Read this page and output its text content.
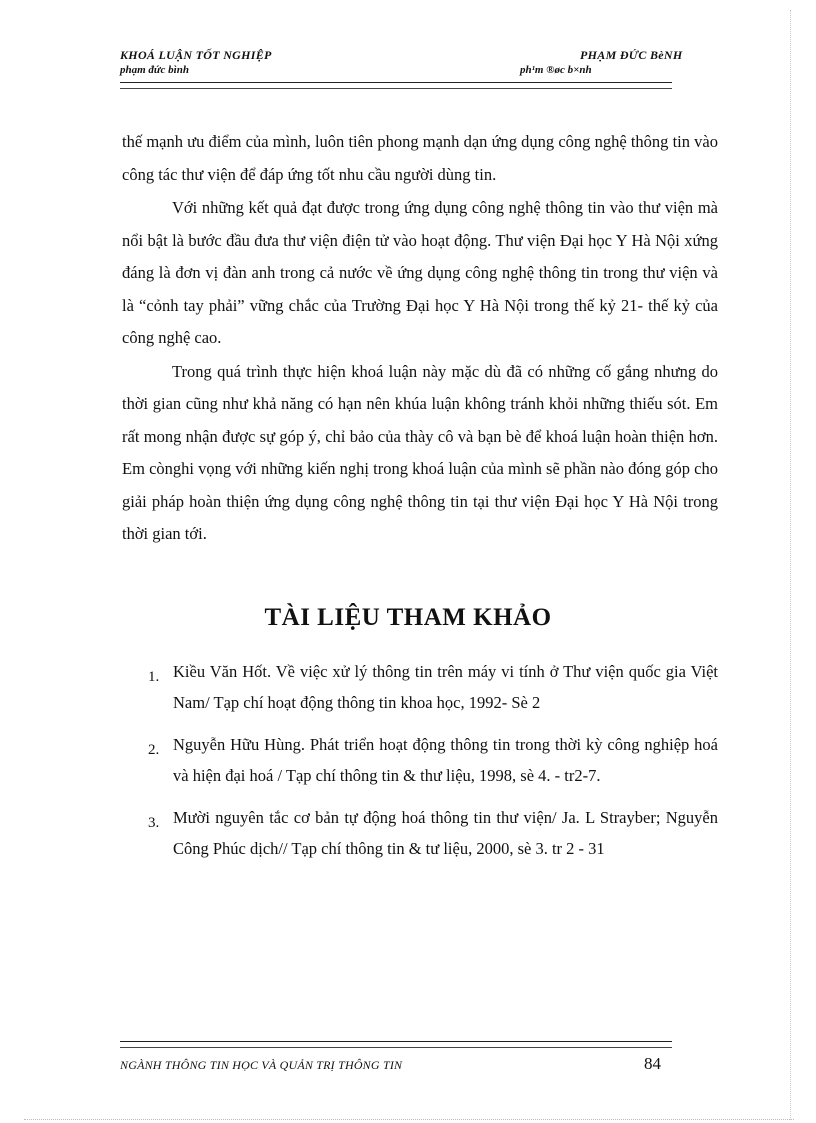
KHOÁ LUẬN TỐT NGHIỆP
phạm đức bình
PHẠM ĐỨC BèNH
ph¹m ®øc b×nh

thế mạnh ưu điểm của mình, luôn tiên phong mạnh dạn ứng dụng công nghệ thông tin vào công tác thư viện để đáp ứng tốt nhu cầu người dùng tin.

Với những kết quả đạt được trong ứng dụng công nghệ thông tin vào thư viện mà nổi bật là bước đầu đưa thư viện điện tử vào hoạt động. Thư viện Đại học Y Hà Nội xứng đáng là đơn vị đàn anh trong cả nước về ứng dụng công nghệ thông tin trong thư viện và là “cỏnh tay phải” vững chắc của Trường Đại học Y Hà Nội trong thế kỷ 21- thế kỷ của công nghệ cao.

Trong quá trình thực hiện khoá luận này mặc dù đã có những cố gắng nhưng do thời gian cũng như khả năng có hạn nên khúa luận không tránh khỏi những thiếu sót. Em rất mong nhận được sự góp ý, chỉ bảo của thày cô và bạn bè để khoá luận hoàn thiện hơn. Em cònghi vọng với những kiến nghị trong khoá luận của mình sẽ phần nào đóng góp cho giải pháp hoàn thiện ứng dụng công nghệ thông tin tại thư viện Đại học Y Hà Nội trong thời gian tới.

TÀI LIỆU THAM KHẢO
1. Kiều Văn Hốt. Về việc xử lý thông tin trên máy vi tính ở Thư viện quốc gia Việt Nam/ Tạp chí hoạt động thông tin khoa học, 1992- Sè 2
2. Nguyễn Hữu Hùng. Phát triển hoạt động thông tin trong thời kỳ công nghiệp hoá và hiện đại hoá / Tạp chí thông tin & thư liệu, 1998, sè 4. - tr2-7.
3. Mười nguyên tắc cơ bản tự động hoá thông tin thư viện/ Ja. L Strayber; Nguyễn Công Phúc dịch// Tạp chí thông tin & tư liệu, 2000, sè 3. tr 2 - 31
NGÀNH THÔNG TIN HỌC VÀ QUẢN TRỊ THÔNG TIN	84
